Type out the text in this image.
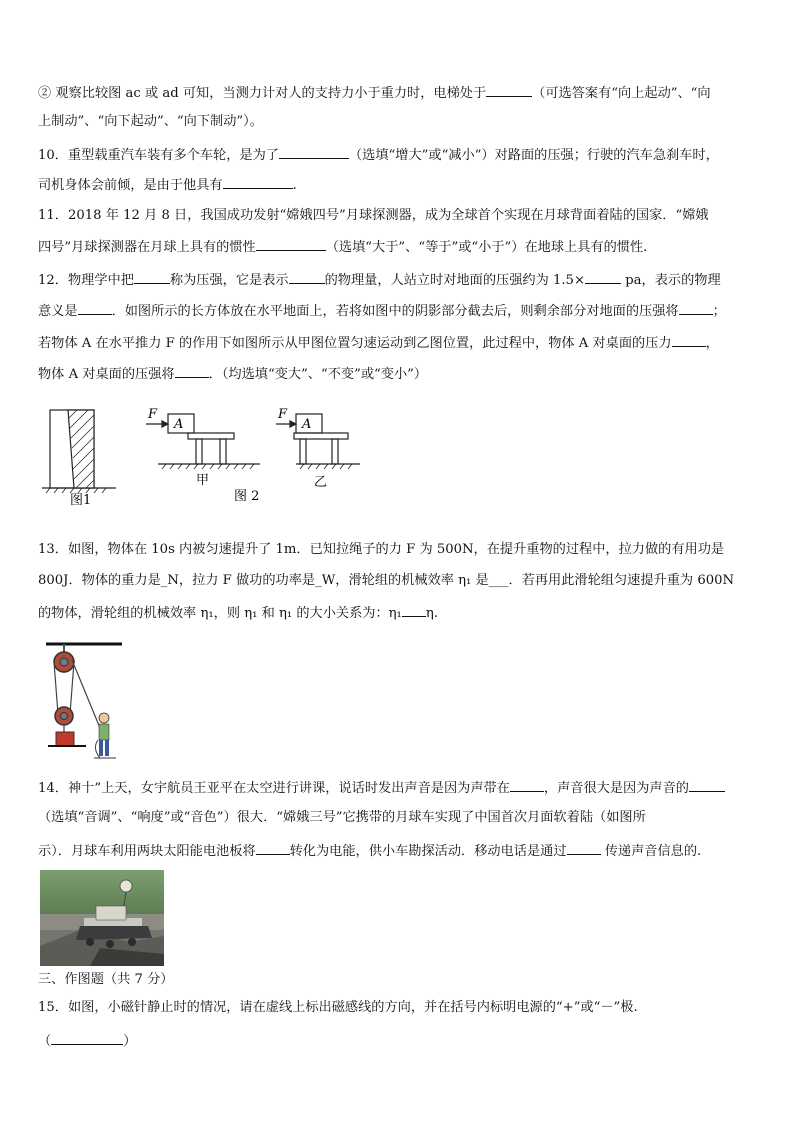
② 观察比较图 ac 或 ad 可知，当测力计对人的支持力小于重力时，电梯处于	（可选答案有“向上起动”、“向
上制动”、“向下起动”、“向下制动”）。
10．重型载重汽车装有多个车轮，是为了	（选填“增大”或“减小”）对路面的压强；行驶的汽车急刹车时，
司机身体会前倾，是由于他具有	.
11．2018 年 12 月 8 日，我国成功发射“嫦娥四号”月球探测器，成为全球首个实现在月球背面着陆的国家．“嫦娥
四号”月球探测器在月球上具有的惯性	（选填“大于”、“等于”或“小于”）在地球上具有的惯性.
12．物理学中把	称为压强，它是表示	的物理量，人站立时对地面的压强约为 1.5×	pa，表示的物理
意义是	．如图所示的长方体放在水平地面上，若将如图中的阴影部分截去后，则剩余部分对地面的压强将	；
若物体 A 在水平推力 F 的作用下如图所示从甲图位置匀速运动到乙图位置，此过程中，物体 A 对桌面的压力	，
物体 A 对桌面的压强将	．（均选填“变大”、“不变”或“变小”）
图1
A
F
甲
A
F
乙
图 2
13．如图，物体在 10s 内被匀速提升了 1m．已知拉绳子的力 F 为 500N，在提升重物的过程中，拉力做的有用功是
800J．物体的重力是_N，拉力 F 做功的功率是_W，滑轮组的机械效率 η₁ 是___．若再用此滑轮组匀速提升重为 600N
的物体，滑轮组的机械效率 η₁，则 η₁ 和 η₁ 的大小关系为：η₁ η.
14．神十”上天，女宇航员王亚平在太空进行讲课，说话时发出声音是因为声带在	，声音很大是因为声音的
（选填“音调”、“响度”或“音色”）很大．“嫦娥三号”它携带的月球车实现了中国首次月面软着陆（如图所
示）．月球车利用两块太阳能电池板将	转化为电能，供小车勘探活动．移动电话是通过	传递声音信息的.
三、作图题（共 7 分）
15．如图，小磁针静止时的情况，请在虚线上标出磁感线的方向，并在括号内标明电源的“+”或“－”极.
（	）
